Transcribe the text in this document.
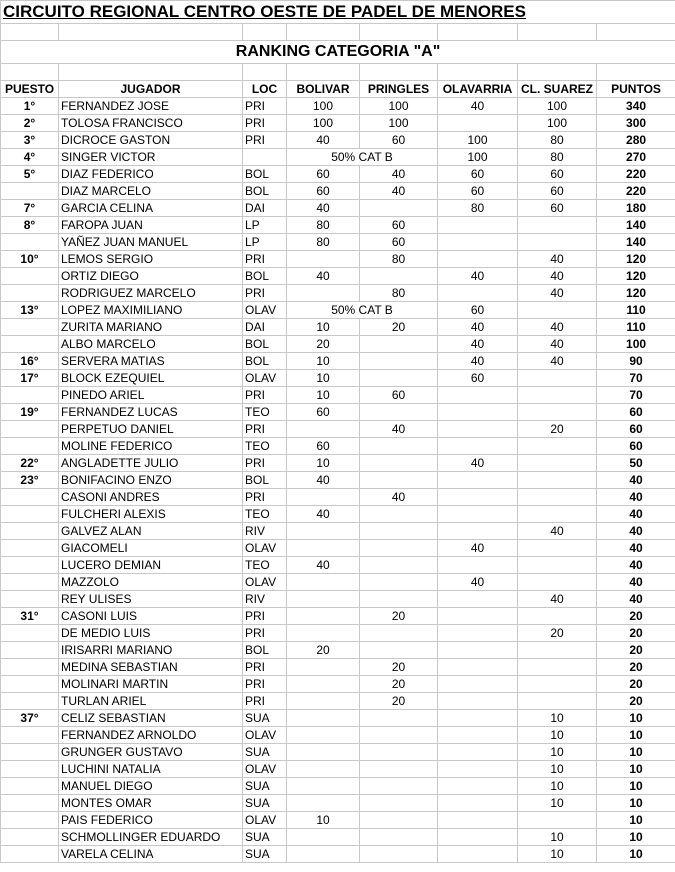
CIRCUITO REGIONAL CENTRO OESTE DE PADEL DE MENORES							

RANKING CATEGORIA "A"							

PUESTO	JUGADOR	LOC	BOLIVAR	PRINGLES	OLAVARRIA	CL. SUAREZ	PUNTOS
1°	FERNANDEZ JOSE	PRI	100	100	40	100	340
2°	TOLOSA FRANCISCO	PRI	100	100		100	300
3°	DICROCE GASTON	PRI	40	60	100	80	280
4°	SINGER VICTOR		50% CAT B		100	80	270
5°	DIAZ FEDERICO	BOL	60	40	60	60	220
	DIAZ MARCELO	BOL	60	40	60	60	220
7°	GARCIA CELINA	DAI	40		80	60	180
8°	FAROPA JUAN	LP	80	60			140
	YAÑEZ JUAN MANUEL	LP	80	60			140
10°	LEMOS SERGIO	PRI		80		40	120
	ORTIZ DIEGO	BOL	40		40	40	120
	RODRIGUEZ MARCELO	PRI		80		40	120
13°	LOPEZ MAXIMILIANO	OLAV	50% CAT B		60		110
	ZURITA MARIANO	DAI	10	20	40	40	110
	ALBO MARCELO	BOL	20		40	40	100
16°	SERVERA MATIAS	BOL	10		40	40	90
17°	BLOCK EZEQUIEL	OLAV	10		60		70
	PINEDO ARIEL	PRI	10	60			70
19°	FERNANDEZ LUCAS	TEO	60				60
	PERPETUO DANIEL	PRI		40		20	60
	MOLINE FEDERICO	TEO	60				60
22°	ANGLADETTE JULIO	PRI	10		40		50
23°	BONIFACINO ENZO	BOL	40				40
	CASONI ANDRES	PRI		40			40
	FULCHERI ALEXIS	TEO	40				40
	GALVEZ ALAN	RIV				40	40
	GIACOMELI	OLAV			40		40
	LUCERO DEMIAN	TEO	40				40
	MAZZOLO	OLAV			40		40
	REY ULISES	RIV				40	40
31°	CASONI LUIS	PRI		20			20
	DE MEDIO LUIS	PRI				20	20
	IRISARRI MARIANO	BOL	20				20
	MEDINA SEBASTIAN	PRI		20			20
	MOLINARI MARTIN	PRI		20			20
	TURLAN ARIEL	PRI		20			20
37°	CELIZ SEBASTIAN	SUA				10	10
	FERNANDEZ ARNOLDO	OLAV				10	10
	GRUNGER GUSTAVO	SUA				10	10
	LUCHINI NATALIA	OLAV				10	10
	MANUEL DIEGO	SUA				10	10
	MONTES OMAR	SUA				10	10
	PAIS FEDERICO	OLAV	10				10
	SCHMOLLINGER EDUARDO	SUA				10	10
	VARELA CELINA	SUA				10	10
